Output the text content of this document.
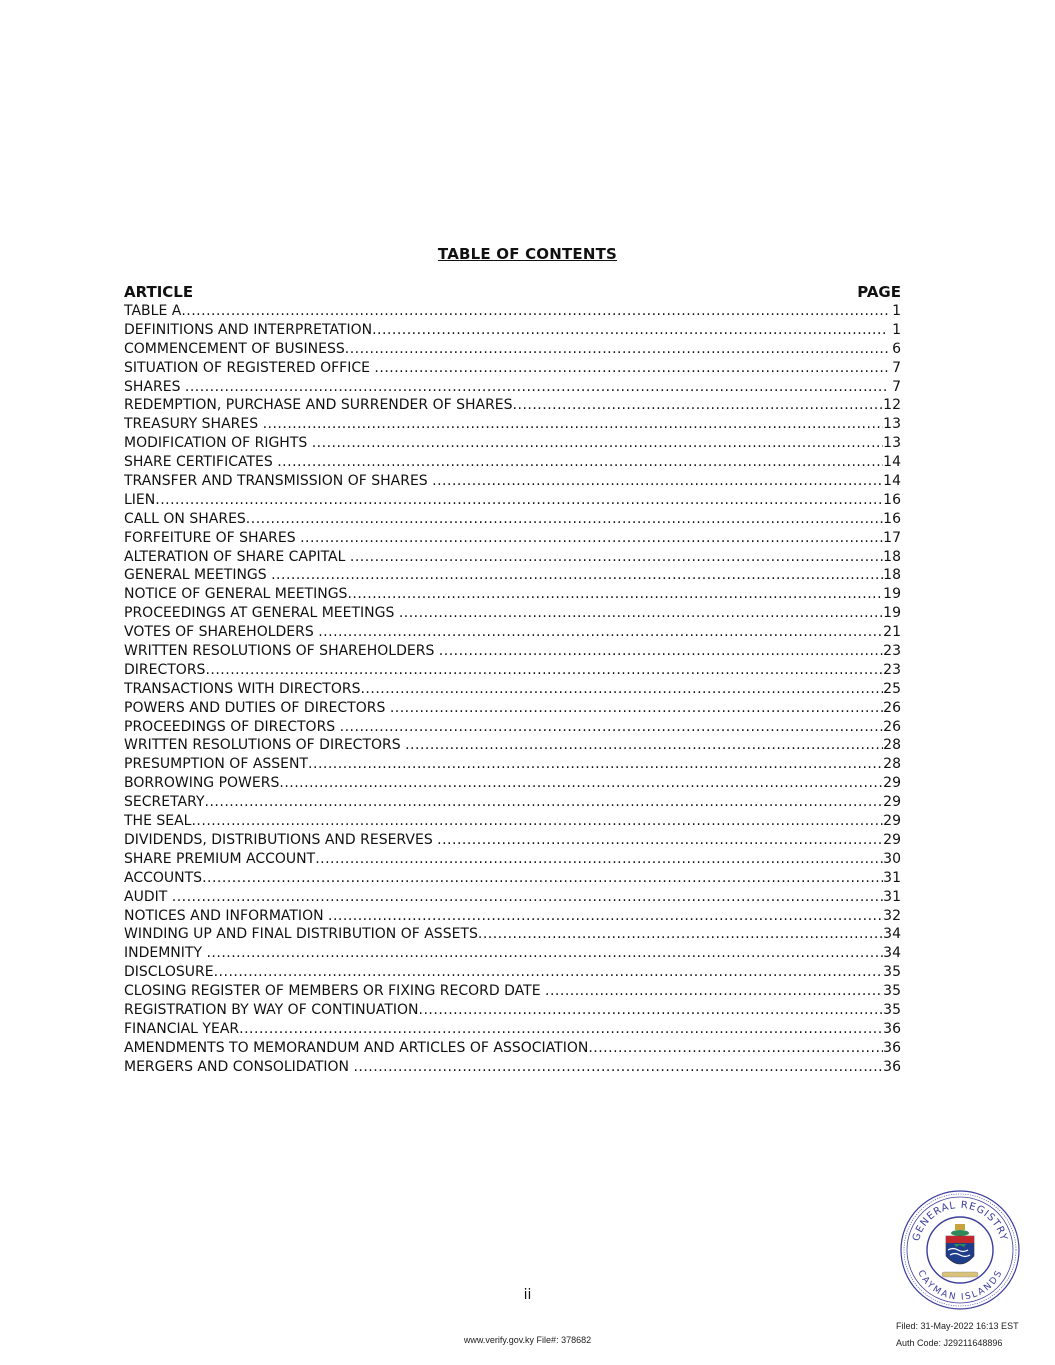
TABLE OF CONTENTS
ARTICLE	PAGE
TABLE A .....	1
DEFINITIONS AND INTERPRETATION .....	1
COMMENCEMENT OF BUSINESS .....	6
SITUATION OF REGISTERED OFFICE .....	7
SHARES .....	7
REDEMPTION, PURCHASE AND SURRENDER OF SHARES .....	12
TREASURY SHARES .....	13
MODIFICATION OF RIGHTS .....	13
SHARE CERTIFICATES .....	14
TRANSFER AND TRANSMISSION OF SHARES .....	14
LIEN .....	16
CALL ON SHARES .....	16
FORFEITURE OF SHARES .....	17
ALTERATION OF SHARE CAPITAL .....	18
GENERAL MEETINGS .....	18
NOTICE OF GENERAL MEETINGS .....	19
PROCEEDINGS AT GENERAL MEETINGS .....	19
VOTES OF SHAREHOLDERS .....	21
WRITTEN RESOLUTIONS OF SHAREHOLDERS .....	23
DIRECTORS .....	23
TRANSACTIONS WITH DIRECTORS .....	25
POWERS AND DUTIES OF DIRECTORS .....	26
PROCEEDINGS OF DIRECTORS .....	26
WRITTEN RESOLUTIONS OF DIRECTORS .....	28
PRESUMPTION OF ASSENT .....	28
BORROWING POWERS .....	29
SECRETARY .....	29
THE SEAL .....	29
DIVIDENDS, DISTRIBUTIONS AND RESERVES .....	29
SHARE PREMIUM ACCOUNT .....	30
ACCOUNTS .....	31
AUDIT .....	31
NOTICES AND INFORMATION .....	32
WINDING UP AND FINAL DISTRIBUTION OF ASSETS .....	34
INDEMNITY .....	34
DISCLOSURE .....	35
CLOSING REGISTER OF MEMBERS OR FIXING RECORD DATE .....	35
REGISTRATION BY WAY OF CONTINUATION .....	35
FINANCIAL YEAR .....	36
AMENDMENTS TO MEMORANDUM AND ARTICLES OF ASSOCIATION .....	36
MERGERS AND CONSOLIDATION .....	36
ii
www.verify.gov.ky File#: 378682
GENERAL REGISTRY
CAYMAN ISLANDS
Filed: 31-May-2022 16:13 EST
Auth Code: J29211648896
